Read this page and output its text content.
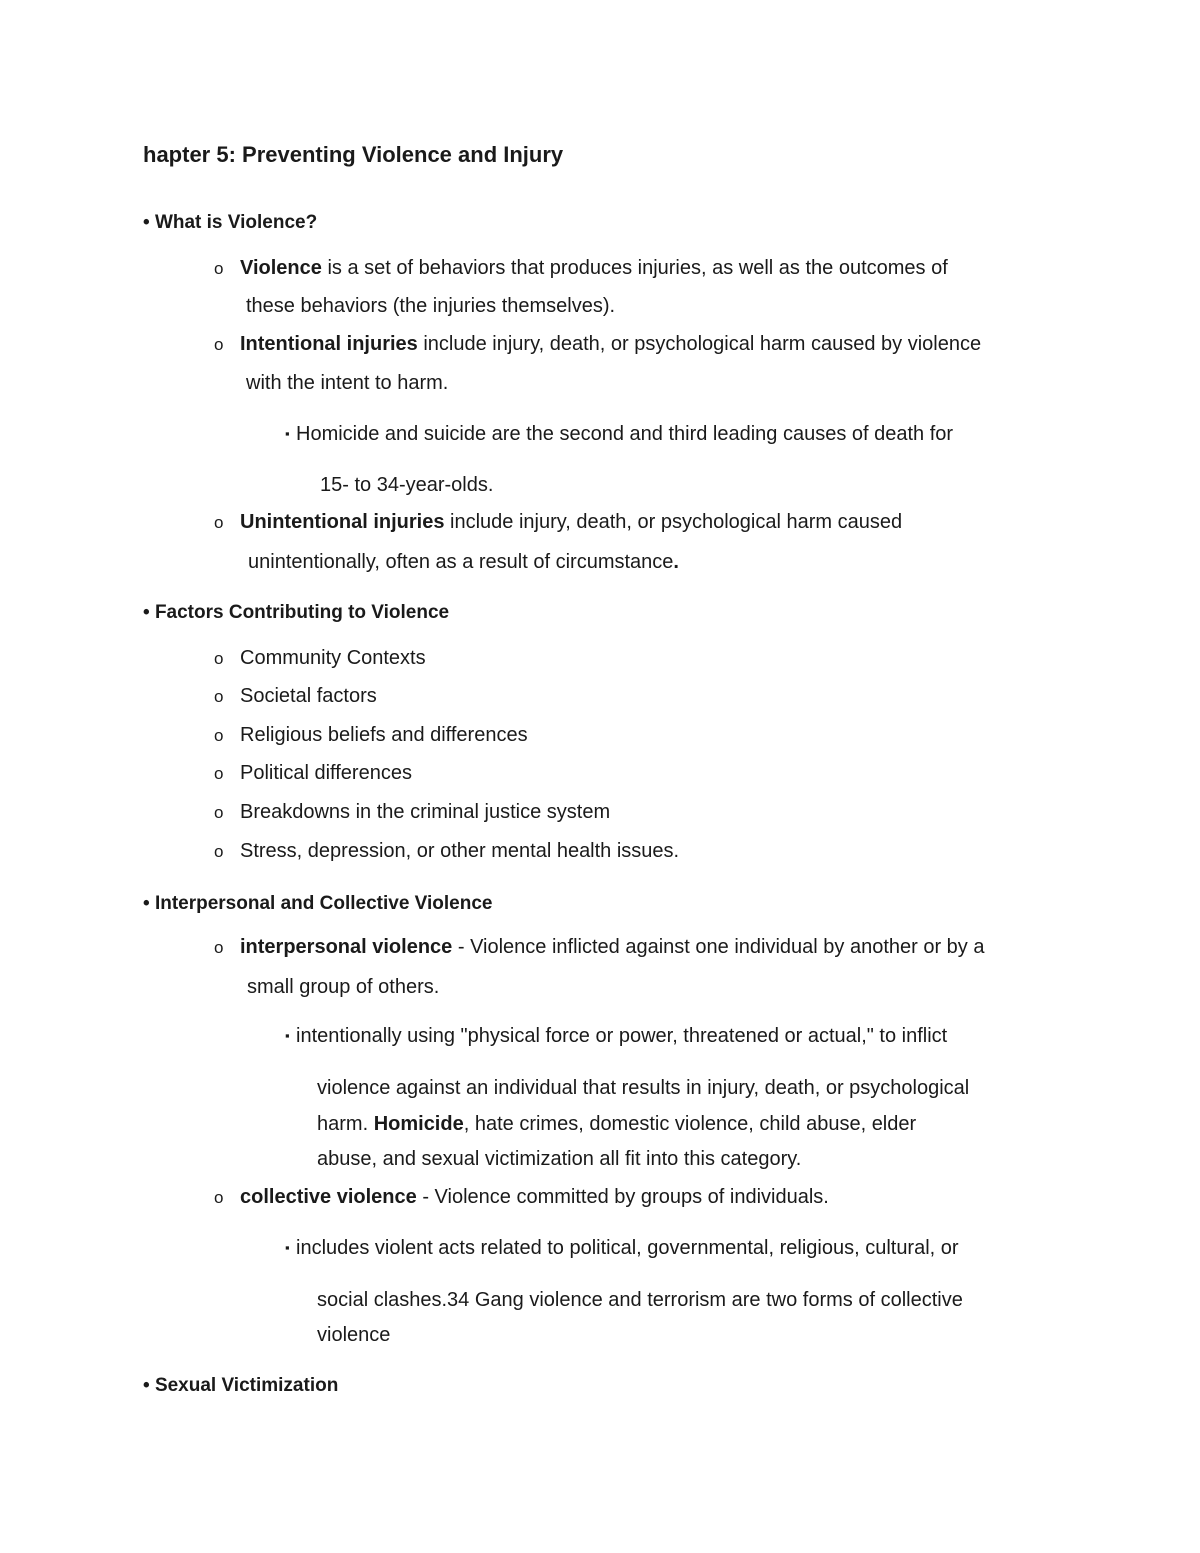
hapter 5: Preventing Violence and Injury
• What is Violence?
o Violence is a set of behaviors that produces injuries, as well as the outcomes of
these behaviors (the injuries themselves).
o Intentional injuries include injury, death, or psychological harm caused by violence
with the intent to harm.
▪ Homicide and suicide are the second and third leading causes of death for
15- to 34-year-olds.
o Unintentional injuries include injury, death, or psychological harm caused
unintentionally, often as a result of circumstance.
• Factors Contributing to Violence
o Community Contexts
o Societal factors
o Religious beliefs and differences
o Political differences
o Breakdowns in the criminal justice system
o Stress, depression, or other mental health issues.
• Interpersonal and Collective Violence
o interpersonal violence - Violence inflicted against one individual by another or by a
small group of others.
▪ intentionally using "physical force or power, threatened or actual," to inflict
violence against an individual that results in injury, death, or psychological
harm. Homicide, hate crimes, domestic violence, child abuse, elder
abuse, and sexual victimization all fit into this category.
o collective violence - Violence committed by groups of individuals.
▪ includes violent acts related to political, governmental, religious, cultural, or
social clashes.34 Gang violence and terrorism are two forms of collective
violence
• Sexual Victimization
